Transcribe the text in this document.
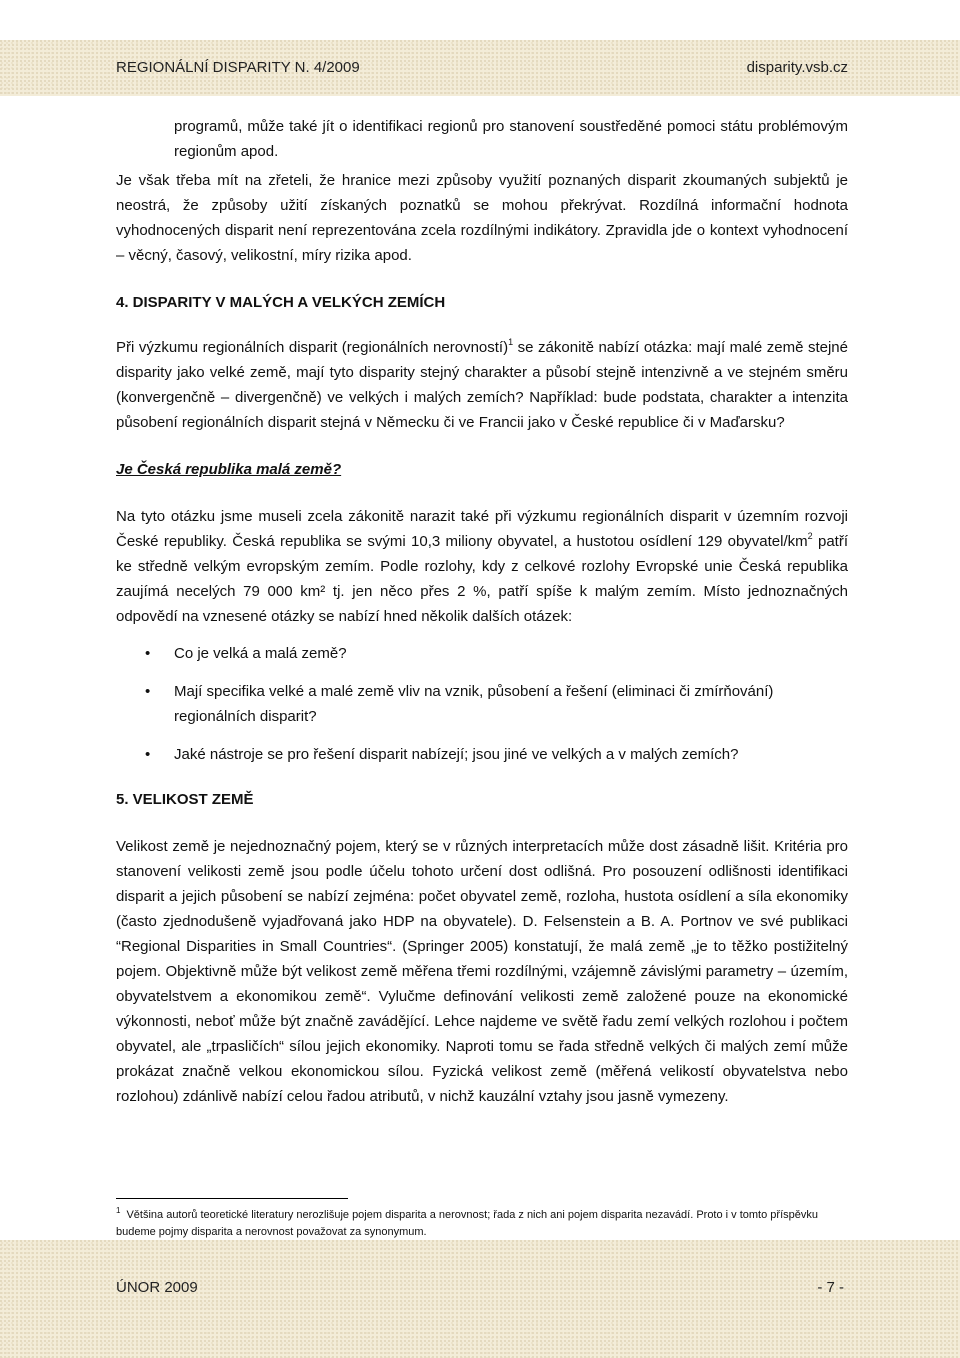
REGIONÁLNÍ DISPARITY N. 4/2009	disparity.vsb.cz

programů, může také jít o identifikaci regionů pro stanovení soustředěné pomoci státu problémovým regionům apod.

Je však třeba mít na zřeteli, že hranice mezi způsoby využití poznaných disparit zkoumaných subjektů je neostrá, že způsoby užití získaných poznatků se mohou překrývat. Rozdílná informační hodnota vyhodnocených disparit není reprezentována zcela rozdílnými indikátory. Zpravidla jde o kontext vyhodnocení – věcný, časový, velikostní, míry rizika apod.

4. DISPARITY V MALÝCH A VELKÝCH ZEMÍCH

Při výzkumu regionálních disparit (regionálních nerovností)$^1$ se zákonitě nabízí otázka: mají malé země stejné disparity jako velké země, mají tyto disparity stejný charakter a působí stejně intenzivně a ve stejném směru (konvergenčně – divergenčně) ve velkých i malých zemích? Například: bude podstata, charakter a intenzita působení regionálních disparit stejná v Německu či ve Francii jako v České republice či v Maďarsku?

Je Česká republika malá země?

Na tyto otázku jsme museli zcela zákonitě narazit také při výzkumu regionálních disparit v územním rozvoji České republiky. Česká republika se svými 10,3 miliony obyvatel, a hustotou osídlení 129 obyvatel/$km^2$ patří ke středně velkým evropským zemím. Podle rozlohy, kdy z celkové rozlohy Evropské unie Česká republika zaujímá necelých 79 000 km² tj. jen něco přes 2 %, patří spíše k malým zemím. Místo jednoznačných odpovědí na vznesené otázky se nabízí hned několik dalších otázek:

• Co je velká a malá země?
• Mají specifika velké a malé země vliv na vznik, působení a řešení (eliminaci či zmírňování) regionálních disparit?
• Jaké nástroje se pro řešení disparit nabízejí; jsou jiné ve velkých a v malých zemích?
5. VELIKOST ZEMĚ

Velikost země je nejednoznačný pojem, který se v různých interpretacích může dost zásadně lišit. Kritéria pro stanovení velikosti země jsou podle účelu tohoto určení dost odlišná. Pro posouzení odlišnosti identifikaci disparit a jejich působení se nabízí zejména: počet obyvatel země, rozloha, hustota osídlení a síla ekonomiky (často zjednodušeně vyjadřovaná jako HDP na obyvatele). D. Felsenstein a B. A. Portnov ve své publikaci “Regional Disparities in Small Countries“. (Springer 2005) konstatují, že malá země „je to těžko postižitelný pojem. Objektivně může být velikost země měřena třemi rozdílnými, vzájemně závislými parametry – územím, obyvatelstvem a ekonomikou země“. Vylučme definování velikosti země založené pouze na ekonomické výkonnosti, neboť může být značně zavádějící. Lehce najdeme ve světě řadu zemí velkých rozlohou i počtem obyvatel, ale „trpasličích“ sílou jejich ekonomiky. Naproti tomu se řada středně velkých či malých zemí může prokázat značně velkou ekonomickou sílou. Fyzická velikost země (měřená velikostí obyvatelstva nebo rozlohou) zdánlivě nabízí celou řadou atributů, v nichž kauzální vztahy jsou jasně vymezeny.

$^1$ Většina autorů teoretické literatury nerozlišuje pojem disparita a nerovnost; řada z nich ani pojem disparita nezavádí. Proto i v tomto příspěvku budeme pojmy disparita a nerovnost považovat za synonymum.
ÚNOR 2009	- 7 -
